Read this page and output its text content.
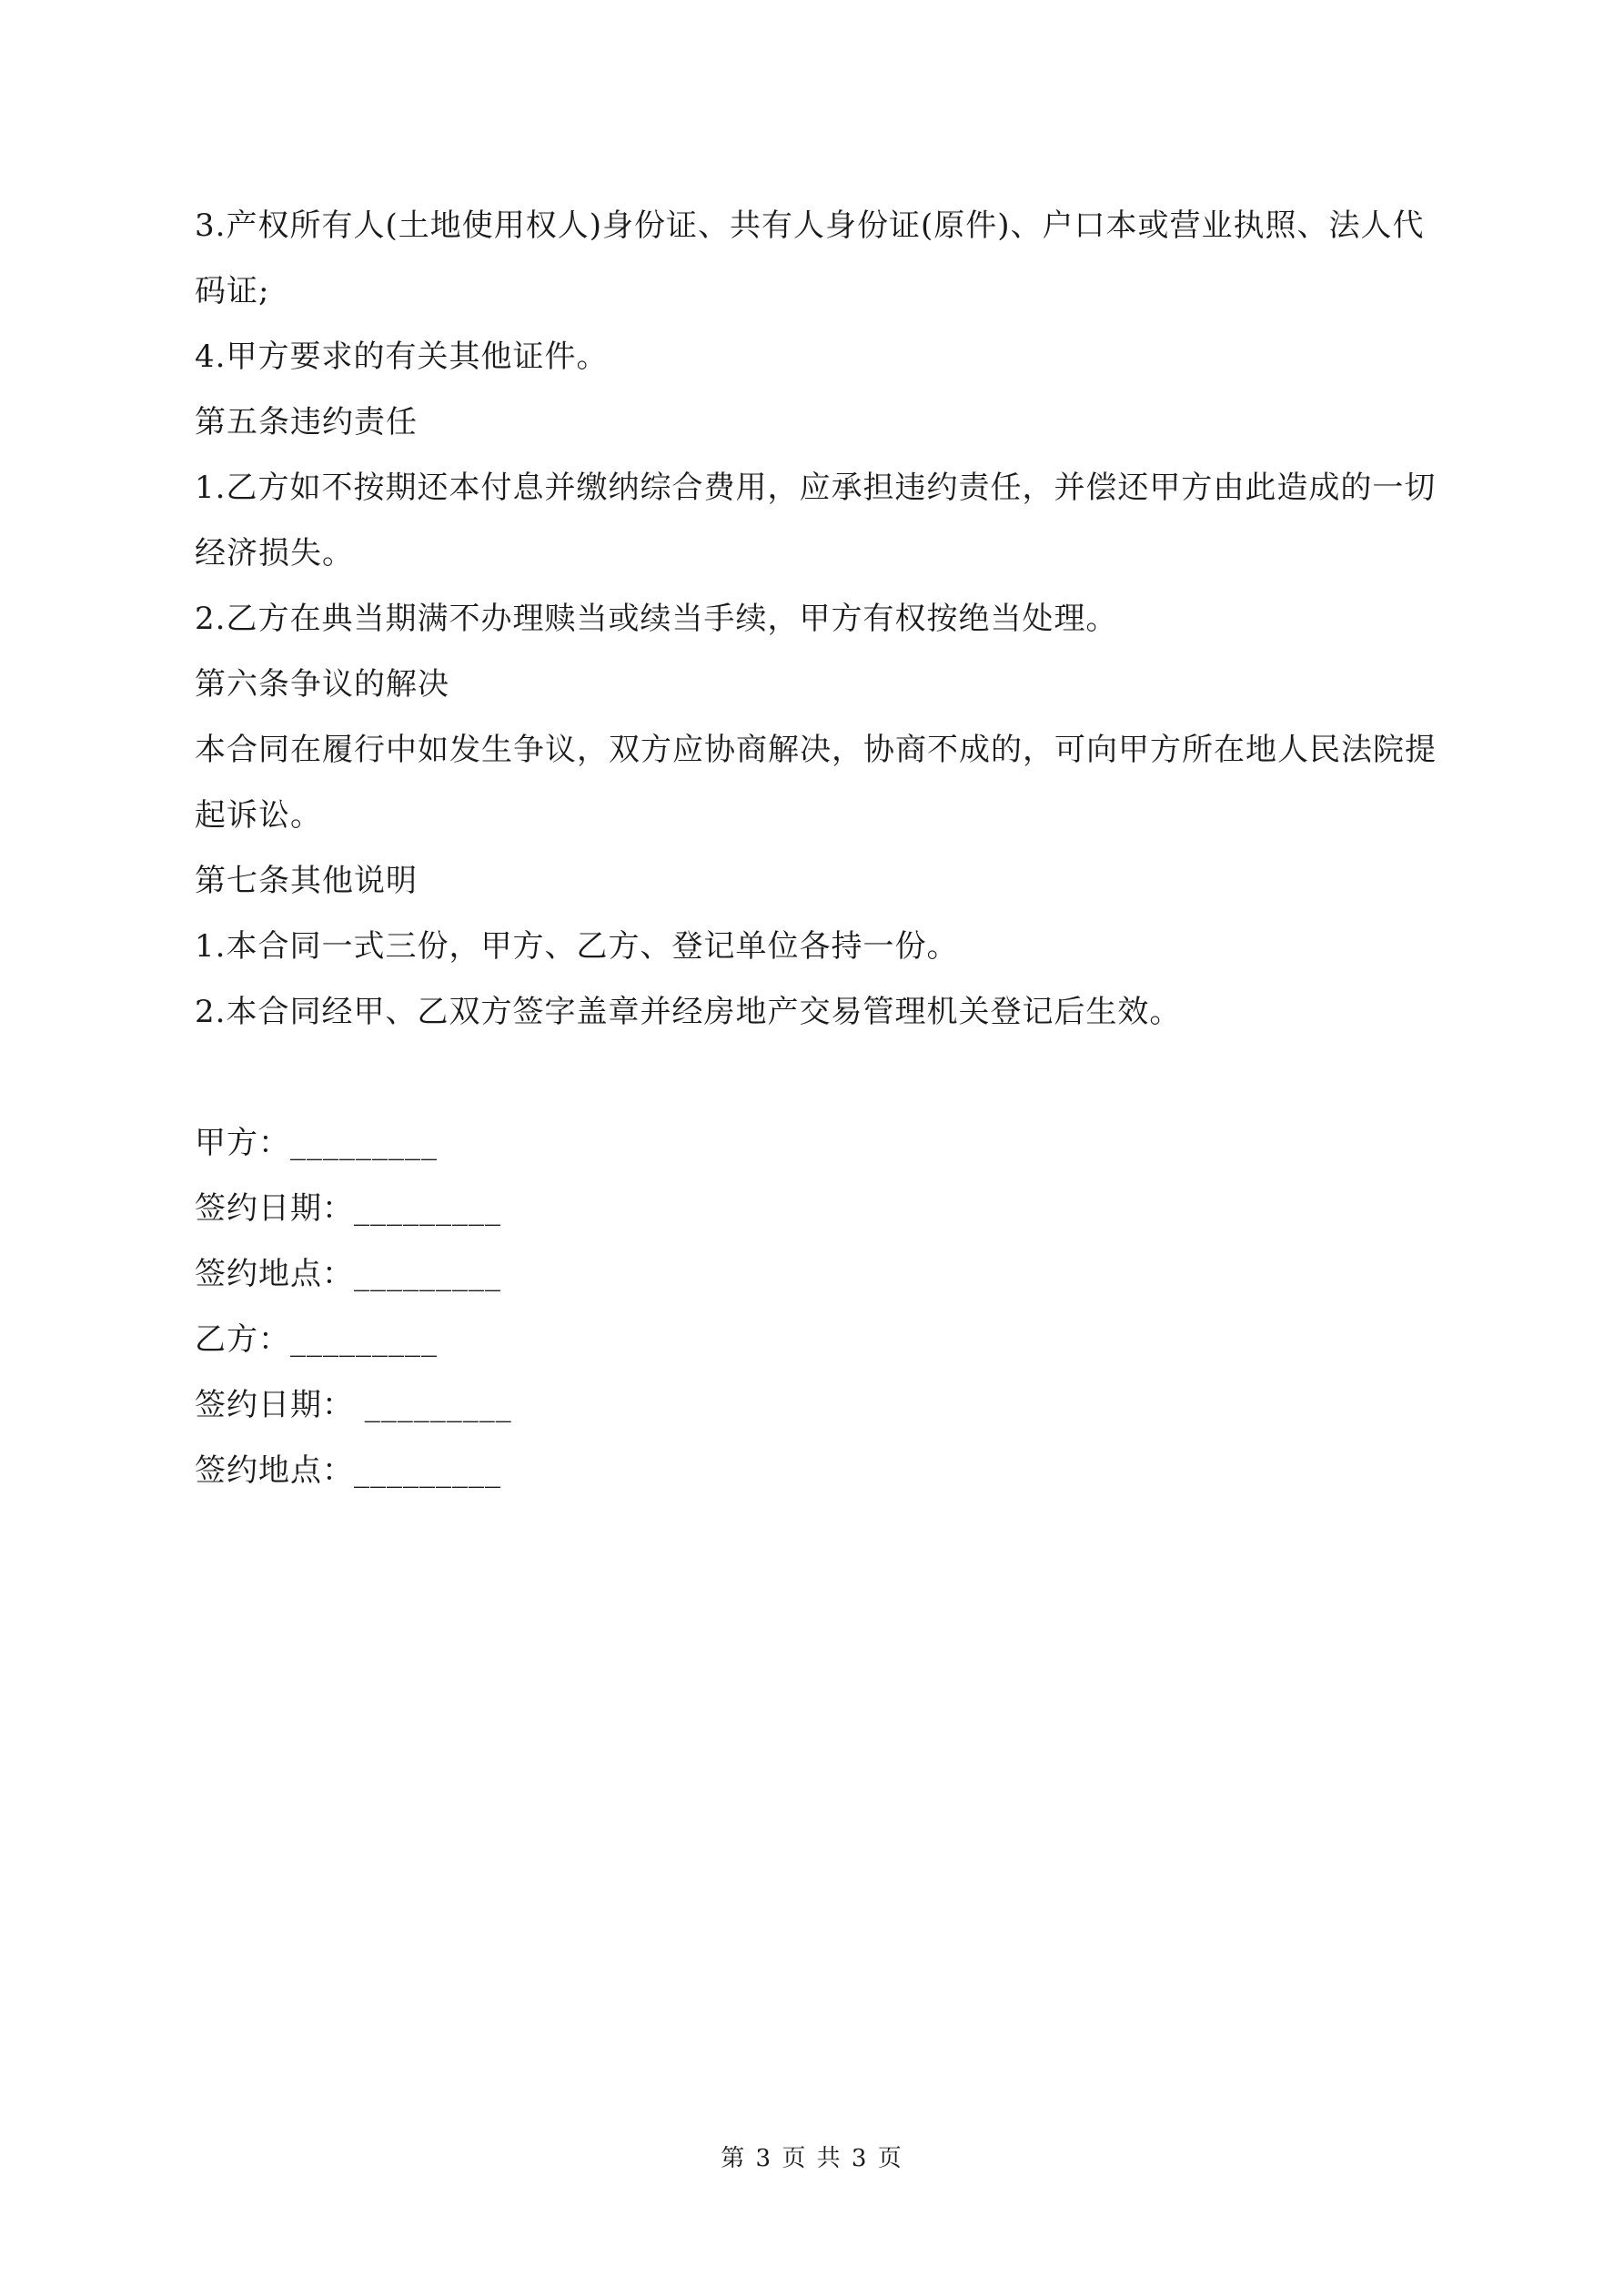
3.产权所有人(土地使用权人)身份证、共有人身份证(原件)、户口本或营业执照、法人代码证;

4.甲方要求的有关其他证件。

第五条违约责任

1.乙方如不按期还本付息并缴纳综合费用，应承担违约责任，并偿还甲方由此造成的一切经济损失。

2.乙方在典当期满不办理赎当或续当手续，甲方有权按绝当处理。

第六条争议的解决

本合同在履行中如发生争议，双方应协商解决，协商不成的，可向甲方所在地人民法院提起诉讼。

第七条其他说明

1.本合同一式三份，甲方、乙方、登记单位各持一份。

2.本合同经甲、乙双方签字盖章并经房地产交易管理机关登记后生效。

甲方：_________

签约日期：_________

签约地点：_________

乙方：_________

签约日期： _________

签约地点：_________

第 3 页 共 3 页
